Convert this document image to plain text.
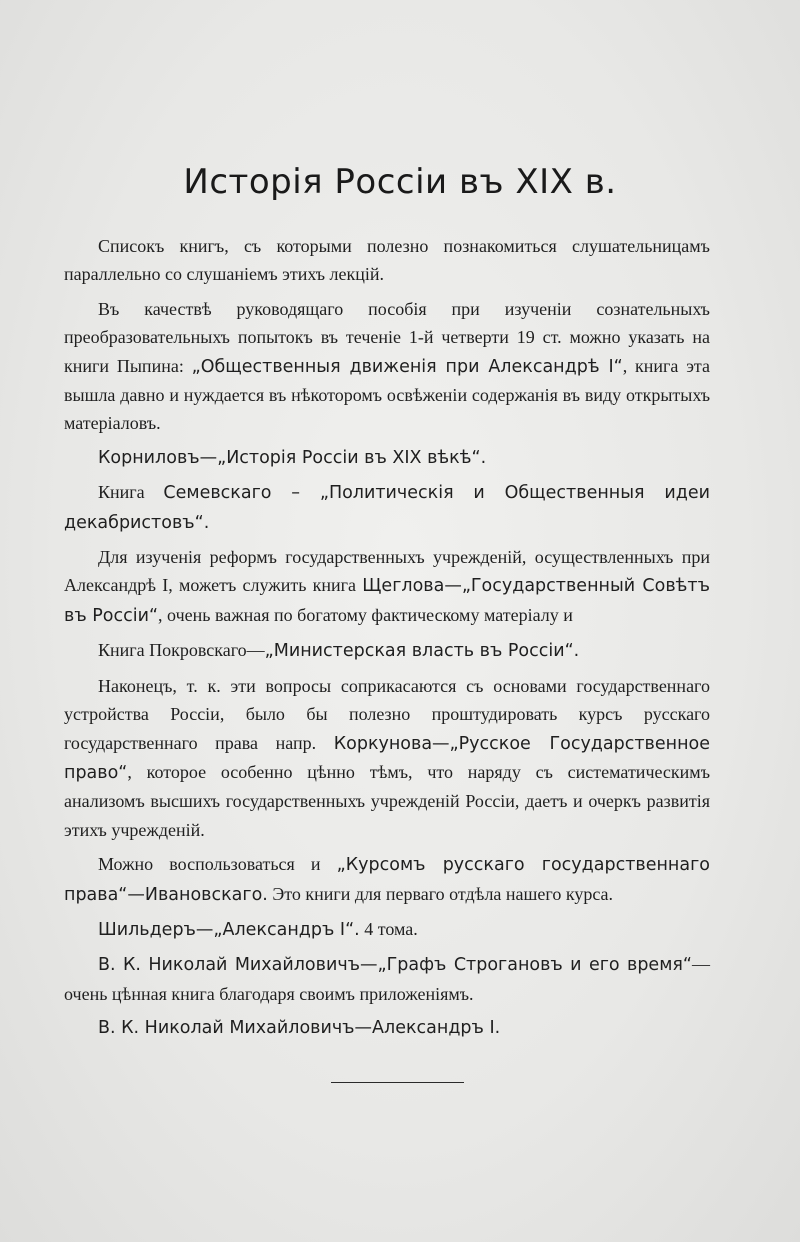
Исторія Россіи въ XIX в.

Списокъ книгъ, съ которыми полезно познакомиться слушательницамъ параллельно со слушаніемъ этихъ лекцій.

Въ качествѣ руководящаго пособія при изученіи сознательныхъ преобразовательныхъ попытокъ въ теченіе 1-й четверти 19 ст. можно указать на книги Пыпина: „Общественныя движенія при Александрѣ I“, книга эта вышла давно и нуждается въ нѣкоторомъ освѣженіи содержанія въ виду открытыхъ матеріаловъ.

Корниловъ—„Исторія Россіи въ XIX вѣкѣ“.

Книга Семевскаго – „Политическія и Общественныя идеи декабристовъ“.

Для изученія реформъ государственныхъ учрежденій, осуществленныхъ при Александрѣ I, можетъ служить книга Щеглова—„Государственный Совѣтъ въ Россіи“, очень важная по богатому фактическому матеріалу и

Книга Покровскаго—„Министерская власть въ Россіи“.

Наконецъ, т. к. эти вопросы соприкасаются съ основами государственнаго устройства Россіи, было бы полезно проштудировать курсъ русскаго государственнаго права напр. Коркунова—„Русское Государственное право“, которое особенно цѣнно тѣмъ, что наряду съ систематическимъ анализомъ высшихъ государственныхъ учрежденій Россіи, даетъ и очеркъ развитія этихъ учрежденій.

Можно воспользоваться и „Курсомъ русскаго государственнаго права“—Ивановскаго. Это книги для перваго отдѣла нашего курса.

Шильдеръ—„Александръ I“. 4 тома.

В. К. Николай Михайловичъ—„Графъ Строгановъ и его время“—очень цѣнная книга благодаря своимъ приложеніямъ.

В. К. Николай Михайловичъ—Александръ I.
